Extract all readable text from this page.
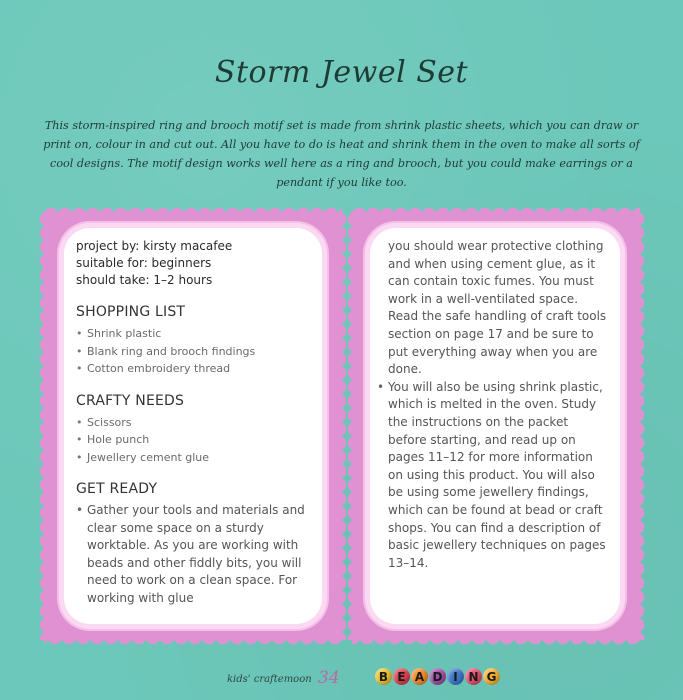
Storm Jewel Set
This storm-inspired ring and brooch motif set is made from shrink plastic sheets, which you can draw or print on, colour in and cut out. All you have to do is heat and shrink them in the oven to make all sorts of cool designs. The motif design works well here as a ring and brooch, but you could make earrings or a pendant if you like too.
project by: kirsty macafee
suitable for: beginners
should take: 1–2 hours
SHOPPING LIST
• Shrink plastic
• Blank ring and brooch findings
• Cotton embroidery thread
CRAFTY NEEDS
• Scissors
• Hole punch
• Jewellery cement glue
GET READY
• Gather your tools and materials and clear some space on a sturdy worktable. As you are working with beads and other fiddly bits, you will need to work on a clean space. For working with glue
you should wear protective clothing and when using cement glue, as it can contain toxic fumes. You must work in a well-ventilated space. Read the safe handling of craft tools section on page 17 and be sure to put everything away when you are done.
• You will also be using shrink plastic, which is melted in the oven. Study the instructions on the packet before starting, and read up on pages 11–12 for more information on using this product. You will also be using some jewellery findings, which can be found at bead or craft shops. You can find a description of basic jewellery techniques on pages 13–14.
kids' craftemoon 34	B E A D I N G
